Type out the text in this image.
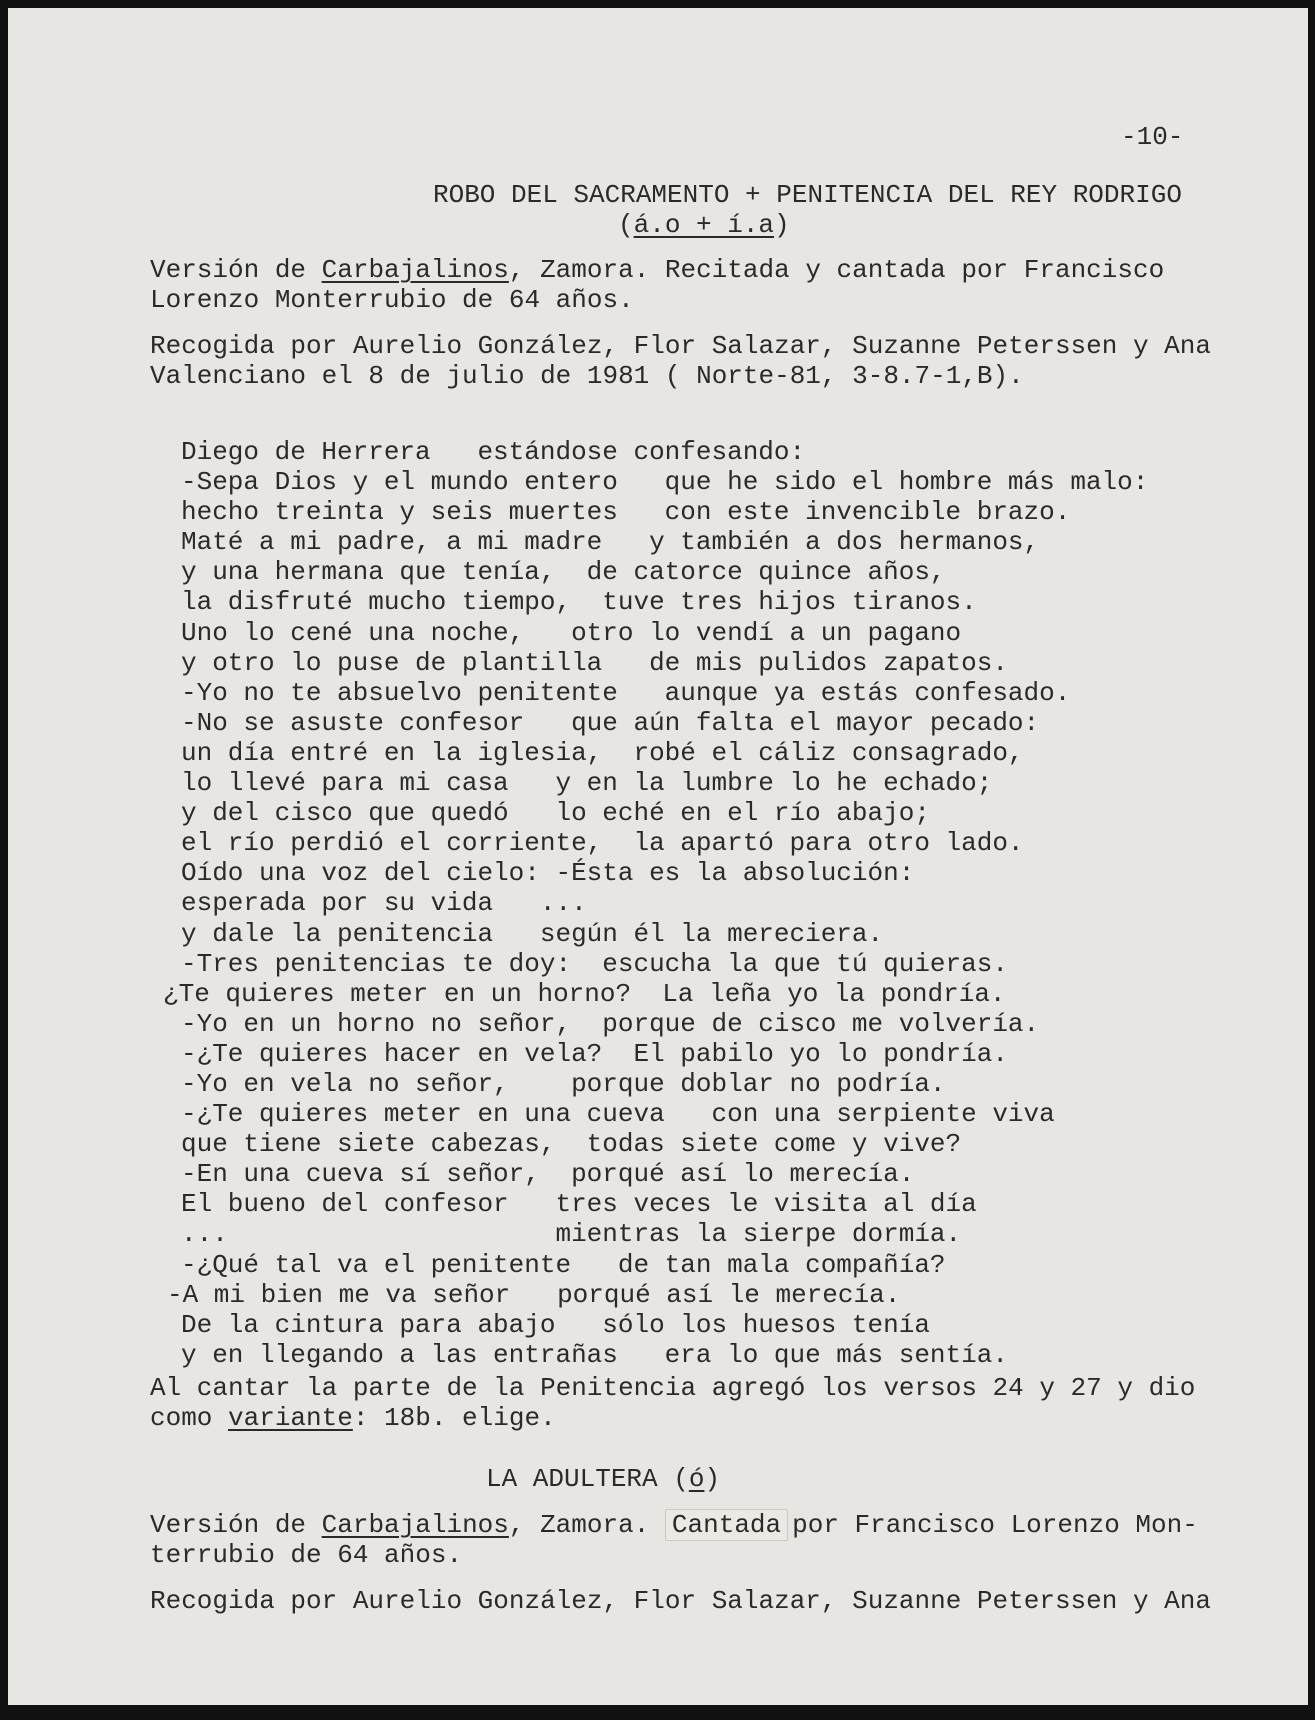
-10-
ROBO DEL SACRAMENTO + PENITENCIA DEL REY RODRIGO
(á.o + í.a)
Versión de Carbajalinos, Zamora. Recitada y cantada por Francisco
Lorenzo Monterrubio de 64 años.
Recogida por Aurelio González, Flor Salazar, Suzanne Peterssen y Ana
Valenciano el 8 de julio de 1981 ( Norte-81, 3-8.7-1,B).
Diego de Herrera   estándose confesando:
-Sepa Dios y el mundo entero   que he sido el hombre más malo:
hecho treinta y seis muertes   con este invencible brazo.
Maté a mi padre, a mi madre   y también a dos hermanos,
y una hermana que tenía,  de catorce quince años,
la disfruté mucho tiempo,  tuve tres hijos tiranos.
Uno lo cené una noche,   otro lo vendí a un pagano
y otro lo puse de plantilla   de mis pulidos zapatos.
-Yo no te absuelvo penitente   aunque ya estás confesado.
-No se asuste confesor   que aún falta el mayor pecado:
un día entré en la iglesia,  robé el cáliz consagrado,
lo llevé para mi casa   y en la lumbre lo he echado;
y del cisco que quedó   lo eché en el río abajo;
el río perdió el corriente,  la apartó para otro lado.
Oído una voz del cielo: -Ésta es la absolución:
esperada por su vida   ...
y dale la penitencia   según él la mereciera.
-Tres penitencias te doy:  escucha la que tú quieras.
¿Te quieres meter en un horno?  La leña yo la pondría.
-Yo en un horno no señor,  porque de cisco me volvería.
-¿Te quieres hacer en vela?  El pabilo yo lo pondría.
-Yo en vela no señor,    porque doblar no podría.
-¿Te quieres meter en una cueva   con una serpiente viva
que tiene siete cabezas,  todas siete come y vive?
-En una cueva sí señor,  porqué así lo merecía.
El bueno del confesor   tres veces le visita al día
...                     mientras la sierpe dormía.
-¿Qué tal va el penitente   de tan mala compañía?
-A mi bien me va señor   porqué así le merecía.
De la cintura para abajo   sólo los huesos tenía
y en llegando a las entrañas   era lo que más sentía.
Al cantar la parte de la Penitencia agregó los versos 24 y 27 y dio
como variante: 18b. elige.
LA ADULTERA (ó)
Versión de Carbajalinos, Zamora. Cantada por Francisco Lorenzo Mon-
terrubio de 64 años.
Recogida por Aurelio González, Flor Salazar, Suzanne Peterssen y Ana
